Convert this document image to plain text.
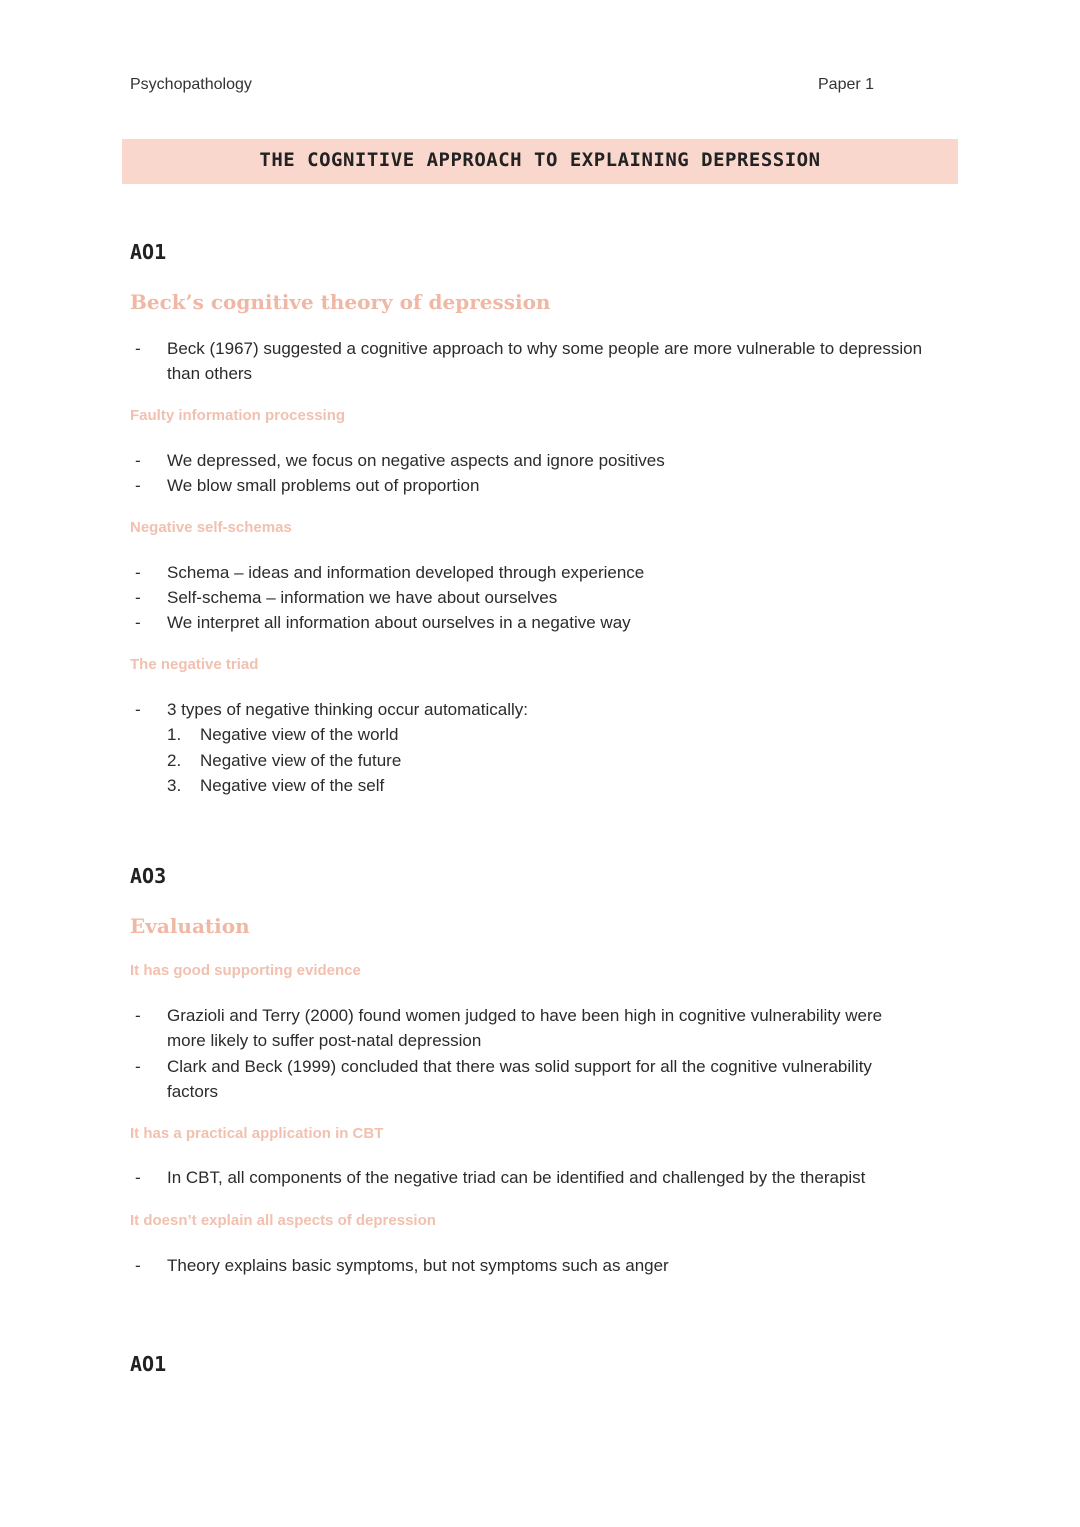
Psychopathology	Paper 1
THE COGNITIVE APPROACH TO EXPLAINING DEPRESSION
AO1
Beck’s cognitive theory of depression
- Beck (1967) suggested a cognitive approach to why some people are more vulnerable to depression than others
Faulty information processing
- We depressed, we focus on negative aspects and ignore positives
- We blow small problems out of proportion
Negative self-schemas
- Schema – ideas and information developed through experience
- Self-schema – information we have about ourselves
- We interpret all information about ourselves in a negative way
The negative triad
- 3 types of negative thinking occur automatically:
1. Negative view of the world
2. Negative view of the future
3. Negative view of the self
AO3
Evaluation
It has good supporting evidence
- Grazioli and Terry (2000) found women judged to have been high in cognitive vulnerability were more likely to suffer post-natal depression
- Clark and Beck (1999) concluded that there was solid support for all the cognitive vulnerability factors
It has a practical application in CBT
- In CBT, all components of the negative triad can be identified and challenged by the therapist
It doesn’t explain all aspects of depression
- Theory explains basic symptoms, but not symptoms such as anger
AO1
